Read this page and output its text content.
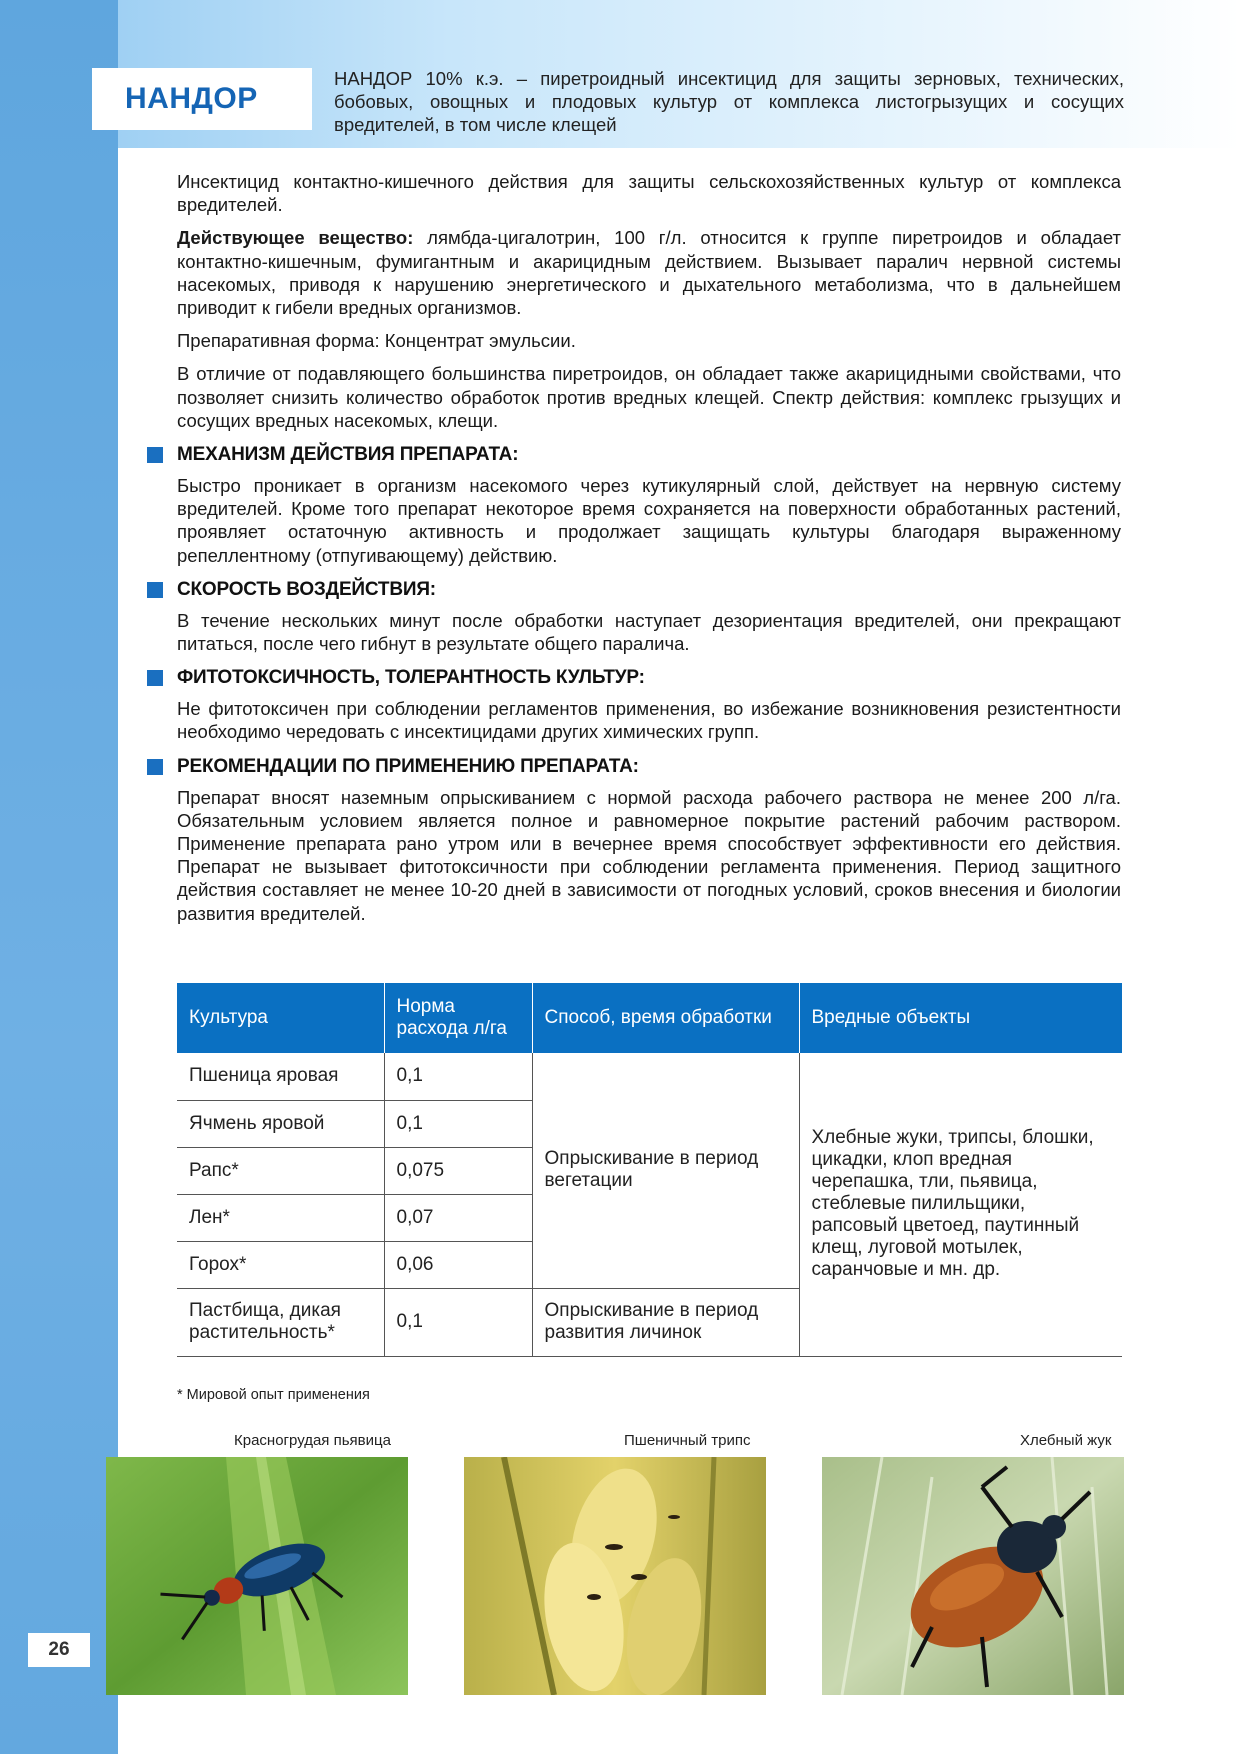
НАНДОР
НАНДОР 10% к.э. – пиретроидный инсектицид для защиты зерновых, технических, бобовых, овощных и плодовых культур от комплекса листогрызущих и сосущих вредителей, в том числе клещей

Инсектицид контактно-кишечного действия для защиты сельскохозяйственных культур от комплекса вредителей.

Действующее вещество: лямбда-цигалотрин, 100 г/л. относится к группе пиретроидов и обладает контактно-кишечным, фумигантным и акарицидным действием. Вызывает паралич нервной системы насекомых, приводя к нарушению энергетического и дыхательного метаболизма, что в дальнейшем приводит к гибели вредных организмов.

Препаративная форма: Концентрат эмульсии.

В отличие от подавляющего большинства пиретроидов, он обладает также акарицидными свойствами, что позволяет снизить количество обработок против вредных клещей. Спектр действия: комплекс грызущих и сосущих вредных насекомых, клещи.

МЕХАНИЗМ ДЕЙСТВИЯ ПРЕПАРАТА:

Быстро проникает в организм насекомого через кутикулярный слой, действует на нервную систему вредителей. Кроме того препарат некоторое время сохраняется на поверхности обработанных растений, проявляет остаточную активность и продолжает защищать культуры благодаря выраженному репеллентному (отпугивающему) действию.

СКОРОСТЬ ВОЗДЕЙСТВИЯ:

В течение нескольких минут после обработки наступает дезориентация вредителей, они прекращают питаться, после чего гибнут в результате общего паралича.

ФИТОТОКСИЧНОСТЬ, ТОЛЕРАНТНОСТЬ КУЛЬТУР:

Не фитотоксичен при соблюдении регламентов применения, во избежание возникновения резистентности необходимо чередовать с инсектицидами других химических групп.

РЕКОМЕНДАЦИИ ПО ПРИМЕНЕНИЮ ПРЕПАРАТА:

Препарат вносят наземным опрыскиванием с нормой расхода рабочего раствора не менее 200 л/га. Обязательным условием является полное и равномерное покрытие растений рабочим раствором. Применение препарата рано утром или в вечернее время способствует эффективности его действия. Препарат не вызывает фитотоксичности при соблюдении регламента применения. Период защитного действия составляет не менее 10-20 дней в зависимости от погодных условий, сроков внесения и биологии развития вредителей.

Культура	Норма расхода л/га	Способ, время обработки	Вредные объекты
Пшеница яровая	0,1	Опрыскивание в период вегетации	Хлебные жуки, трипсы, блошки, цикадки, клоп вредная черепашка, тли, пьявица, стеблевые пилильщики, рапсовый цветоед, паутинный клещ, луговой мотылек, саранчовые и мн. др.
Ячмень яровой	0,1		
Рапс*	0,075		
Лен*	0,07		
Горох*	0,06		
Пастбища, дикая растительность*	0,1	Опрыскивание в период развития личинок	
* Мировой опыт применения
Красногрудая пьявица	Пшеничный трипс	Хлебный жук
26
